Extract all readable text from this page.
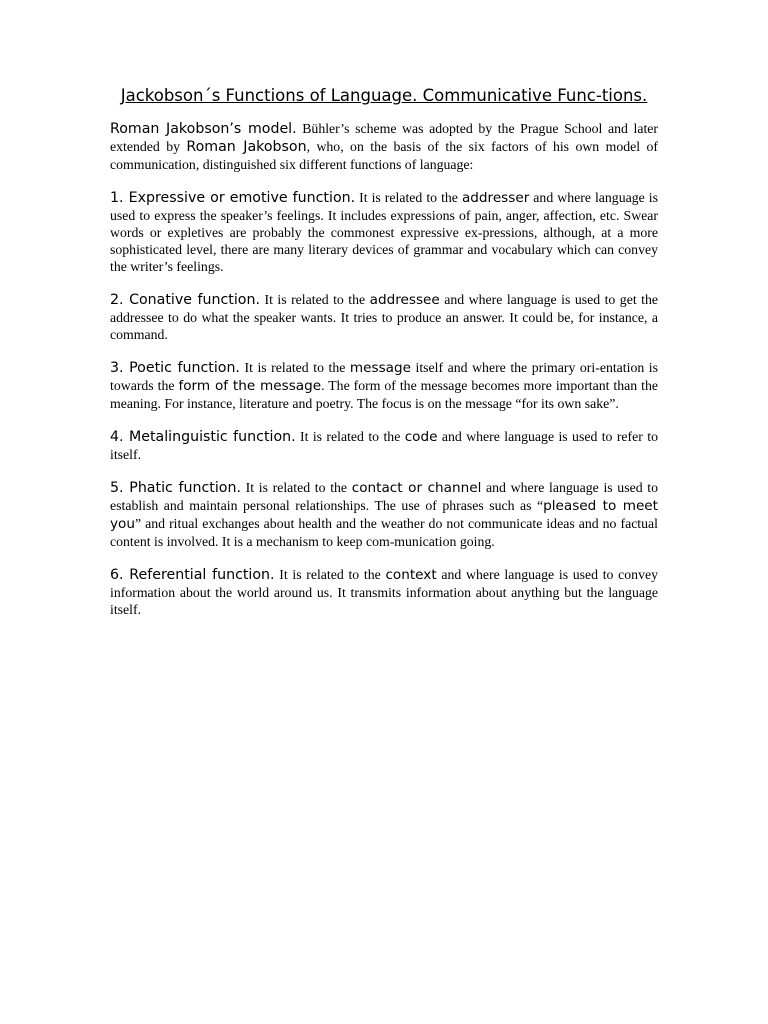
Jackobson´s Functions of Language. Communicative Func-tions.

Roman Jakobson’s model. Bühler’s scheme was adopted by the Prague School and later extended by Roman Jakobson, who, on the basis of the six factors of his own model of communication, distinguished six different functions of language:

1. Expressive or emotive function. It is related to the addresser and where language is used to express the speaker’s feelings. It includes expressions of pain, anger, affection, etc. Swear words or expletives are probably the commonest expressive ex-pressions, although, at a more sophisticated level, there are many literary devices of grammar and vocabulary which can convey the writer’s feelings.

2. Conative function. It is related to the addressee and where language is used to get the addressee to do what the speaker wants. It tries to produce an answer. It could be, for instance, a command.

3. Poetic function. It is related to the message itself and where the primary ori-entation is towards the form of the message. The form of the message becomes more important than the meaning. For instance, literature and poetry. The focus is on the message “for its own sake”.

4. Metalinguistic function. It is related to the code and where language is used to refer to itself.

5. Phatic function. It is related to the contact or channel and where language is used to establish and maintain personal relationships. The use of phrases such as “pleased to meet you” and ritual exchanges about health and the weather do not communicate ideas and no factual content is involved. It is a mechanism to keep com-munication going.

6. Referential function. It is related to the context and where language is used to convey information about the world around us. It transmits information about anything but the language itself.
